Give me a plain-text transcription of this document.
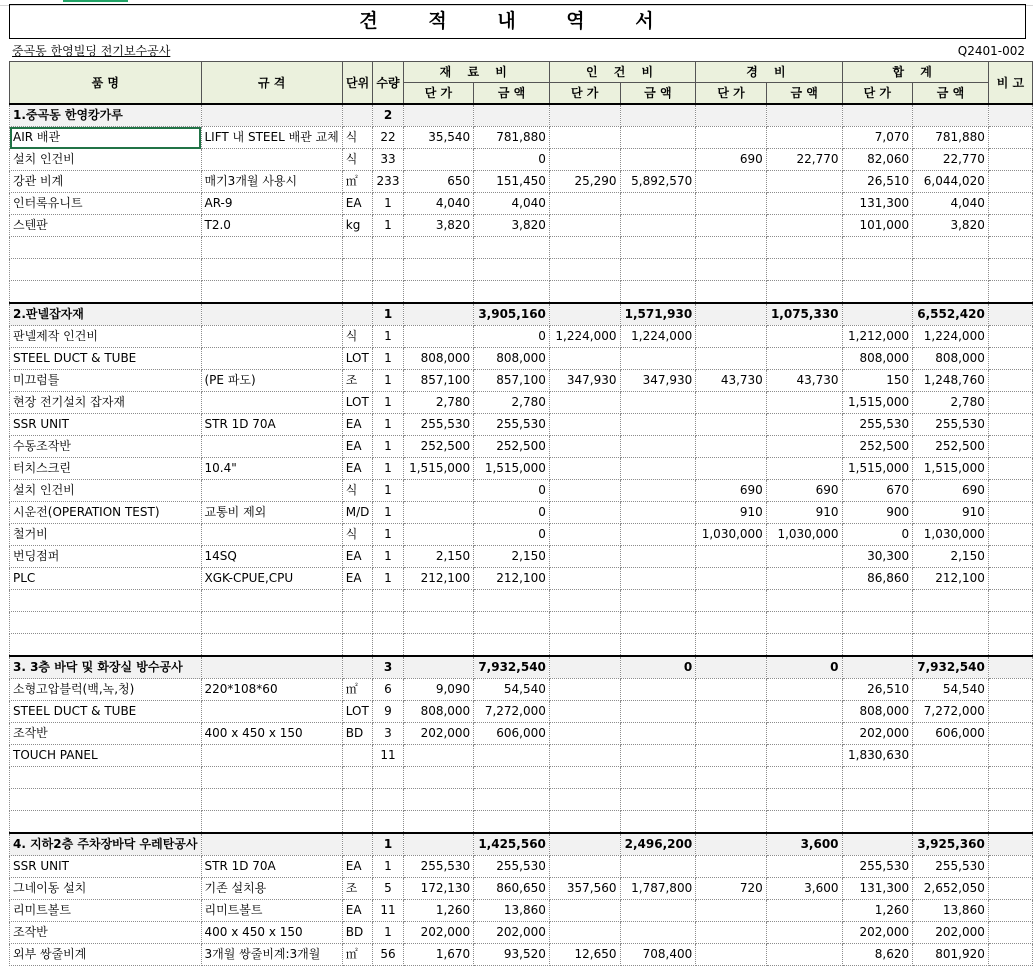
견 적 내 역 서
중곡동 한영빌딩 전기보수공사	Q2401-002
품 명	규 격	단위	수량	재 료 비		인 건 비		경 비		합 계		비 고
				단 가	금 액	단 가	금 액	단 가	금 액	단 가	금 액	
1.중곡동 한영캉가루			2									
AIR 배관	LIFT 내 STEEL 배관 교체	식	22	35,540	781,880					7,070	781,880	
설치 인건비		식	33		0			690	22,770	82,060	22,770	
강관 비계	매기3개월 사용시	㎡	233	650	151,450	25,290	5,892,570			26,510	6,044,020	
인터록유니트	AR-9	EA	1	4,040	4,040					131,300	4,040	
스텐판	T2.0	kg	1	3,820	3,820					101,000	3,820	

2.판넬잡자재			1		3,905,160		1,571,930		1,075,330		6,552,420	
판넬제작 인건비		식	1		0	1,224,000	1,224,000			1,212,000	1,224,000	
STEEL DUCT & TUBE		LOT	1	808,000	808,000					808,000	808,000	
미끄럼틀	(PE 파도)	조	1	857,100	857,100	347,930	347,930	43,730	43,730	150	1,248,760	
현장 전기설치 잡자재		LOT	1	2,780	2,780					1,515,000	2,780	
SSR UNIT	STR 1D 70A	EA	1	255,530	255,530					255,530	255,530	
수동조작반		EA	1	252,500	252,500					252,500	252,500	
터치스크린	10.4"	EA	1	1,515,000	1,515,000					1,515,000	1,515,000	
설치 인건비		식	1		0			690	690	670	690	
시운전(OPERATION TEST)	교통비 제외	M/D	1		0			910	910	900	910	
철거비		식	1		0			1,030,000	1,030,000	0	1,030,000	
번딩점퍼	14SQ	EA	1	2,150	2,150					30,300	2,150	
PLC	XGK-CPUE,CPU	EA	1	212,100	212,100					86,860	212,100	

3. 3층 바닥 및 화장실 방수공사			3		7,932,540		0		0		7,932,540	
소형고압블럭(백,녹,청)	220*108*60	㎡	6	9,090	54,540					26,510	54,540	
STEEL DUCT & TUBE		LOT	9	808,000	7,272,000					808,000	7,272,000	
조작반	400 x 450 x 150	BD	3	202,000	606,000					202,000	606,000	
TOUCH PANEL			11							1,830,630		

4. 지하2층 주차장바닥 우레탄공사			1		1,425,560		2,496,200		3,600		3,925,360	
SSR UNIT	STR 1D 70A	EA	1	255,530	255,530					255,530	255,530	
그네이동 설치	기존 설치용	조	5	172,130	860,650	357,560	1,787,800	720	3,600	131,300	2,652,050	
리미트볼트	리미트볼트	EA	11	1,260	13,860					1,260	13,860	
조작반	400 x 450 x 150	BD	1	202,000	202,000					202,000	202,000	
외부 쌍줄비계	3개월 쌍줄비계:3개월	㎡	56	1,670	93,520	12,650	708,400			8,620	801,920	
